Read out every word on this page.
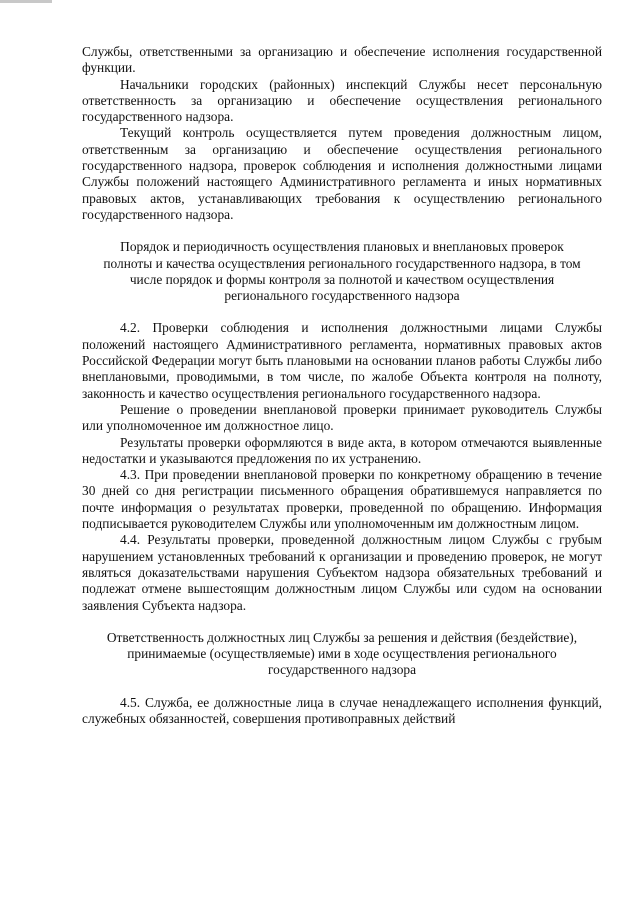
Службы, ответственными за организацию и обеспечение исполнения государственной функции.

Начальники городских (районных) инспекций Службы несет персональную ответственность за организацию и обеспечение осуществления регионального государственного надзора.

Текущий контроль осуществляется путем проведения должностным лицом, ответственным за организацию и обеспечение осуществления регионального государственного надзора, проверок соблюдения и исполнения должностными лицами Службы положений настоящего Административного регламента и иных нормативных правовых актов, устанавливающих требования к осуществлению регионального государственного надзора.

Порядок и периодичность осуществления плановых и внеплановых проверок полноты и качества осуществления регионального государственного надзора, в том числе порядок и формы контроля за полнотой и качеством осуществления регионального государственного надзора

4.2. Проверки соблюдения и исполнения должностными лицами Службы положений настоящего Административного регламента, нормативных правовых актов Российской Федерации могут быть плановыми на основании планов работы Службы либо внеплановыми, проводимыми, в том числе, по жалобе Объекта контроля на полноту, законность и качество осуществления регионального государственного надзора.

Решение о проведении внеплановой проверки принимает руководитель Службы или уполномоченное им должностное лицо.

Результаты проверки оформляются в виде акта, в котором отмечаются выявленные недостатки и указываются предложения по их устранению.

4.3. При проведении внеплановой проверки по конкретному обращению в течение 30 дней со дня регистрации письменного обращения обратившемуся направляется по почте информация о результатах проверки, проведенной по обращению. Информация подписывается руководителем Службы или уполномоченным им должностным лицом.

4.4. Результаты проверки, проведенной должностным лицом Службы с грубым нарушением установленных требований к организации и проведению проверок, не могут являться доказательствами нарушения Субъектом надзора обязательных требований и подлежат отмене вышестоящим должностным лицом Службы или судом на основании заявления Субъекта надзора.

Ответственность должностных лиц Службы за решения и действия (бездействие), принимаемые (осуществляемые) ими в ходе осуществления регионального государственного надзора

4.5. Служба, ее должностные лица в случае ненадлежащего исполнения функций, служебных обязанностей, совершения противоправных действий
